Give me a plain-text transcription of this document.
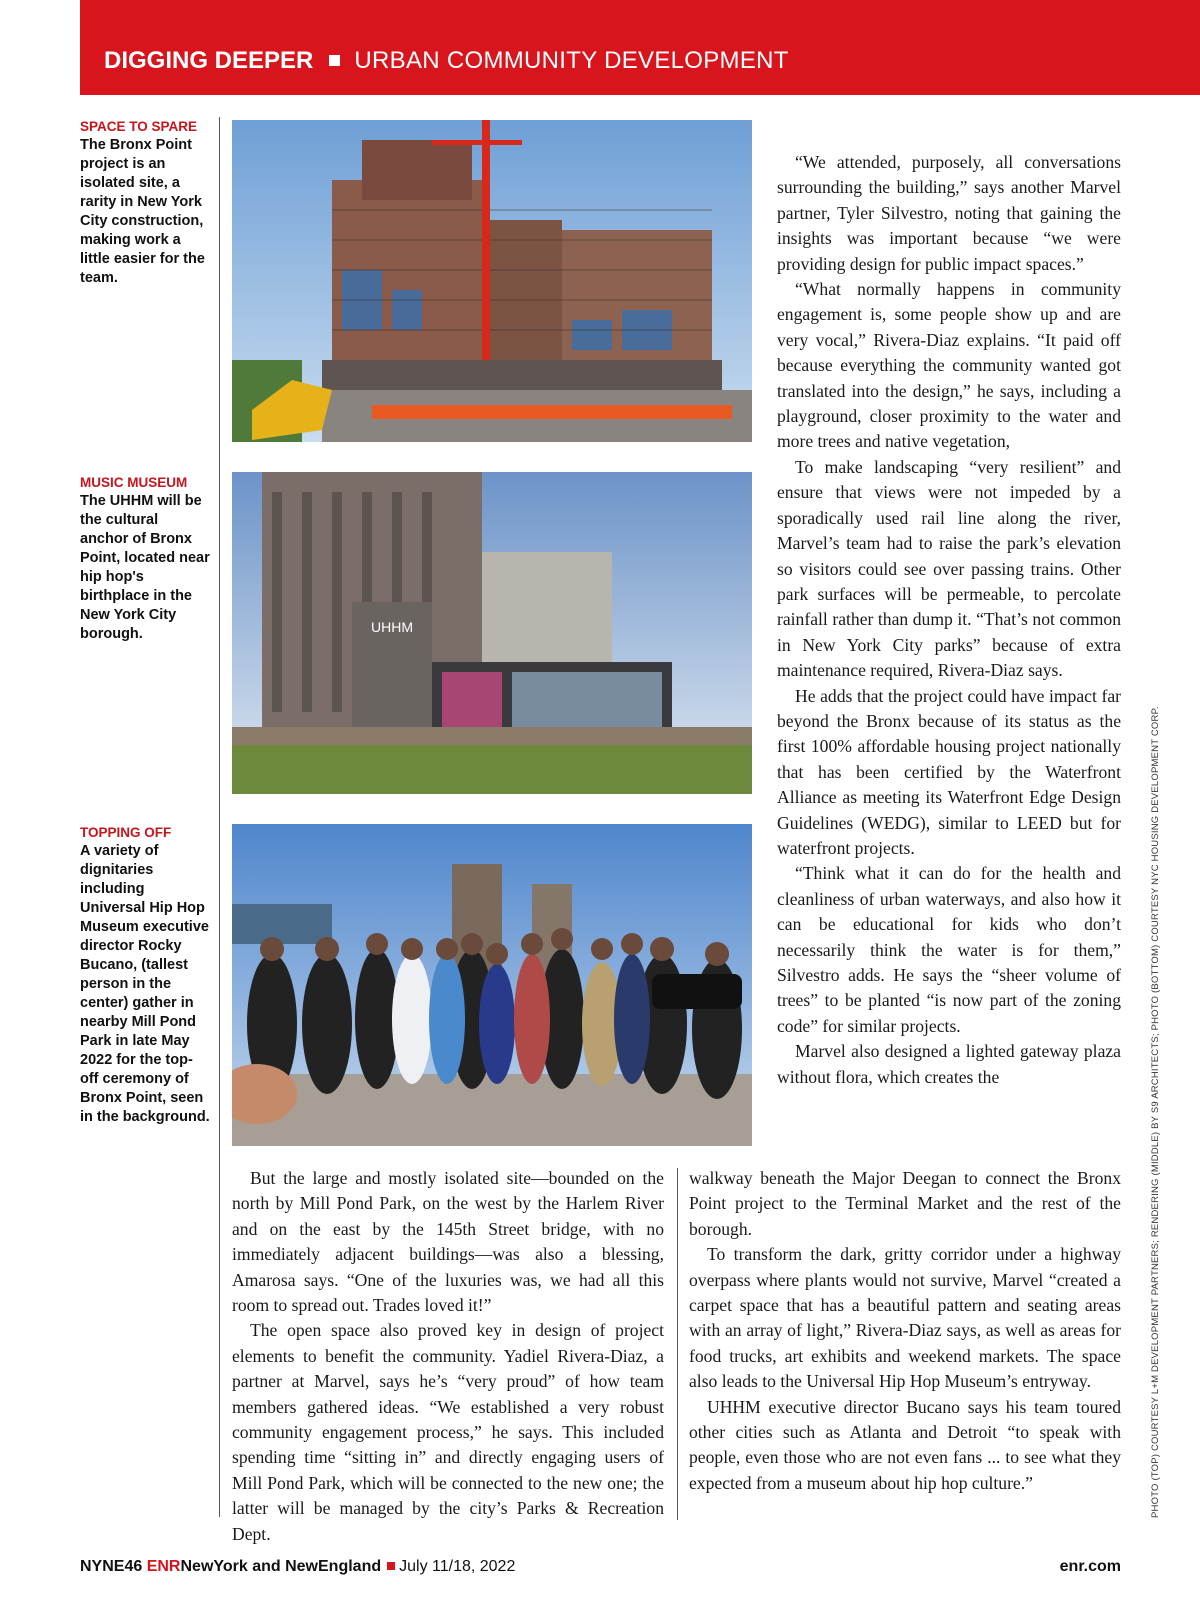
DIGGING DEEPER URBAN COMMUNITY DEVELOPMENT
SPACE TO SPARE
The Bronx Point project is an isolated site, a rarity in New York City construction, making work a little easier for the team.
MUSIC MUSEUM
The UHHM will be the cultural anchor of Bronx Point, located near hip hop's birthplace in the New York City borough.
TOPPING OFF
A variety of dignitaries including Universal Hip Hop Museum executive director Rocky Bucano, (tallest person in the center) gather in nearby Mill Pond Park in late May 2022 for the top-off ceremony of Bronx Point, seen in the background.
UHHM

“We attended, purposely, all conversations surrounding the building,” says another Marvel partner, Tyler Silvestro, noting that gaining the insights was important because “we were providing design for public impact spaces.”

“What normally happens in community engagement is, some people show up and are very vocal,” Rivera-Diaz explains. “It paid off because everything the community wanted got translated into the design,” he says, including a playground, closer proximity to the water and more trees and native vegetation,

To make landscaping “very resilient” and ensure that views were not impeded by a sporadically used rail line along the river, Marvel’s team had to raise the park’s elevation so visitors could see over passing trains. Other park surfaces will be permeable, to percolate rainfall rather than dump it. “That’s not common in New York City parks” because of extra maintenance required, Rivera-Diaz says.

He adds that the project could have impact far beyond the Bronx because of its status as the first 100% affordable housing project nationally that has been certified by the Waterfront Alliance as meeting its Waterfront Edge Design Guidelines (WEDG), similar to LEED but for waterfront projects.

“Think what it can do for the health and cleanliness of urban waterways, and also how it can be educational for kids who don’t necessarily think the water is for them,” Silvestro adds. He says the “sheer volume of trees” to be planted “is now part of the zoning code” for similar projects.

Marvel also designed a lighted gateway plaza without flora, which creates the

But the large and mostly isolated site—bounded on the north by Mill Pond Park, on the west by the Harlem River and on the east by the 145th Street bridge, with no immediately adjacent buildings—was also a blessing, Amarosa says. “One of the luxuries was, we had all this room to spread out. Trades loved it!”

The open space also proved key in design of project elements to benefit the community. Yadiel Rivera-Diaz, a partner at Marvel, says he’s “very proud” of how team members gathered ideas. “We established a very robust community engagement process,” he says. This included spending time “sitting in” and directly engaging users of Mill Pond Park, which will be connected to the new one; the latter will be managed by the city’s Parks & Recreation Dept.

walkway beneath the Major Deegan to connect the Bronx Point project to the Terminal Market and the rest of the borough.

To transform the dark, gritty corridor under a highway overpass where plants would not survive, Marvel “created a carpet space that has a beautiful pattern and seating areas with an array of light,” Rivera-Diaz says, as well as areas for food trucks, art exhibits and weekend markets. The space also leads to the Universal Hip Hop Museum’s entryway.

UHHM executive director Bucano says his team toured other cities such as Atlanta and Detroit “to speak with people, even those who are not even fans ... to see what they expected from a museum about hip hop culture.”	PHOTO (TOP) COURTESY L+M DEVELOPMENT PARTNERS; RENDERING (MIDDLE) BY S9 ARCHITECTS; PHOTO (BOTTOM) COURTESY NYC HOUSING DEVELOPMENT CORP.
NYNE46 ENRNewYork and NewEngland July 11/18, 2022	enr.com
